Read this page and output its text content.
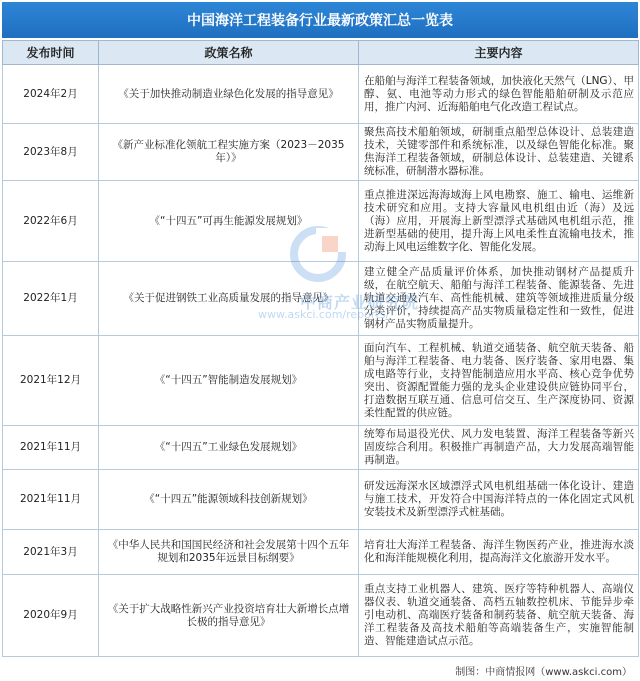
中国海洋工程装备行业最新政策汇总一览表
发布时间	政策名称	主要内容
2024年2月	《关于加快推动制造业绿色化发展的指导意见》	在船舶与海洋工程装备领域，加快液化天然气（LNG）、甲醇、氨、电池等动力形式的绿色智能船舶研制及示范应用，推广内河、近海船舶电气化改造工程试点。
2023年8月	《新产业标准化领航工程实施方案（2023－2035年）》	聚焦高技术船舶领域，研制重点船型总体设计、总装建造技术，关键零部件和系统标准，以及绿色智能化标准。聚焦海洋工程装备领域，研制总体设计、总装建造、关键系统标准，研制潜水器标准。
2022年6月	《“十四五”可再生能源发展规划》	重点推进深远海海域海上风电勘察、施工、输电、运维新技术研究和应用。支持大容量风电机组由近（海）及远（海）应用，开展海上新型漂浮式基础风电机组示范，推进新型基础的使用，提升海上风电柔性直流输电技术，推动海上风电运维数字化、智能化发展。
2022年1月	《关于促进钢铁工业高质量发展的指导意见》	建立健全产品质量评价体系，加快推动钢材产品提质升级，在航空航天、船舶与海洋工程装备、能源装备、先进轨道交通及汽车、高性能机械、建筑等领域推进质量分级分类评价，持续提高产品实物质量稳定性和一致性，促进钢材产品实物质量提升。
2021年12月	《“十四五”智能制造发展规划》	面向汽车、工程机械、轨道交通装备、航空航天装备、船舶与海洋工程装备、电力装备、医疗装备、家用电器、集成电路等行业，支持智能制造应用水平高、核心竞争优势突出、资源配置能力强的龙头企业建设供应链协同平台，打造数据互联互通、信息可信交互、生产深度协同、资源柔性配置的供应链。
2021年11月	《“十四五”工业绿色发展规划》	统筹布局退役光伏、风力发电装置、海洋工程装备等新兴固废综合利用。积极推广再制造产品，大力发展高端智能再制造。
2021年11月	《“十四五”能源领域科技创新规划》	研发远海深水区域漂浮式风电机组基础一体化设计、建造与施工技术，开发符合中国海洋特点的一体化固定式风机安装技术及新型漂浮式桩基础。
2021年3月	《中华人民共和国国民经济和社会发展第十四个五年规划和2035年远景目标纲要》	培育壮大海洋工程装备、海洋生物医药产业，推进海水淡化和海洋能规模化利用，提高海洋文化旅游开发水平。
2020年9月	《关于扩大战略性新兴产业投资培育壮大新增长点增长极的指导意见》	重点支持工业机器人、建筑、医疗等特种机器人、高端仪器仪表、轨道交通装备、高档五轴数控机床、节能异步牵引电动机、高端医疗装备和制药装备、航空航天装备、海洋工程装备及高技术船舶等高端装备生产，实施智能制造、智能建造试点示范。
中商产业研究院
www.askci.com/reports/
制图：中商情报网（www.askci.com）
